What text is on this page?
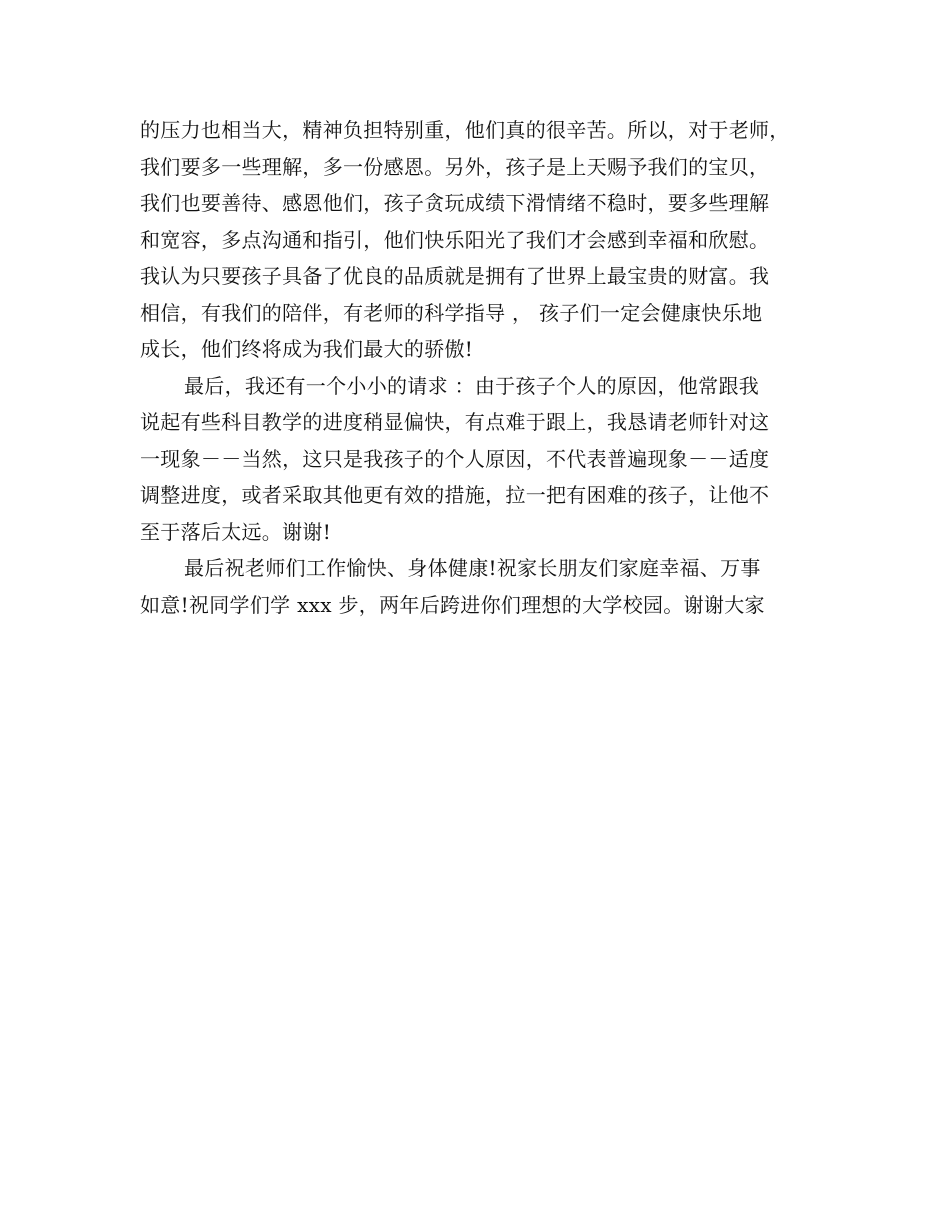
的压力也相当大，精神负担特别重，他们真的很辛苦。所以，对于老师，
我们要多一些理解，多一份感恩。另外，孩子是上天赐予我们的宝贝，
我们也要善待、感恩他们，孩子贪玩成绩下滑情绪不稳时，要多些理解
和宽容，多点沟通和指引，他们快乐阳光了我们才会感到幸福和欣慰。
我认为只要孩子具备了优良的品质就是拥有了世界上最宝贵的财富。我
相信，有我们的陪伴，有老师的科学指导 ， 孩子们一定会健康快乐地
成长，他们终将成为我们最大的骄傲!
最后，我还有一个小小的请求 ：由于孩子个人的原因，他常跟我
说起有些科目教学的进度稍显偏快，有点难于跟上，我恳请老师针对这
一现象－－当然，这只是我孩子的个人原因，不代表普遍现象－－适度
调整进度，或者采取其他更有效的措施，拉一把有困难的孩子，让他不
至于落后太远。谢谢!
最后祝老师们工作愉快、身体健康!祝家长朋友们家庭幸福、万事
如意!祝同学们学 xxx 步，两年后跨进你们理想的大学校园。谢谢大家
